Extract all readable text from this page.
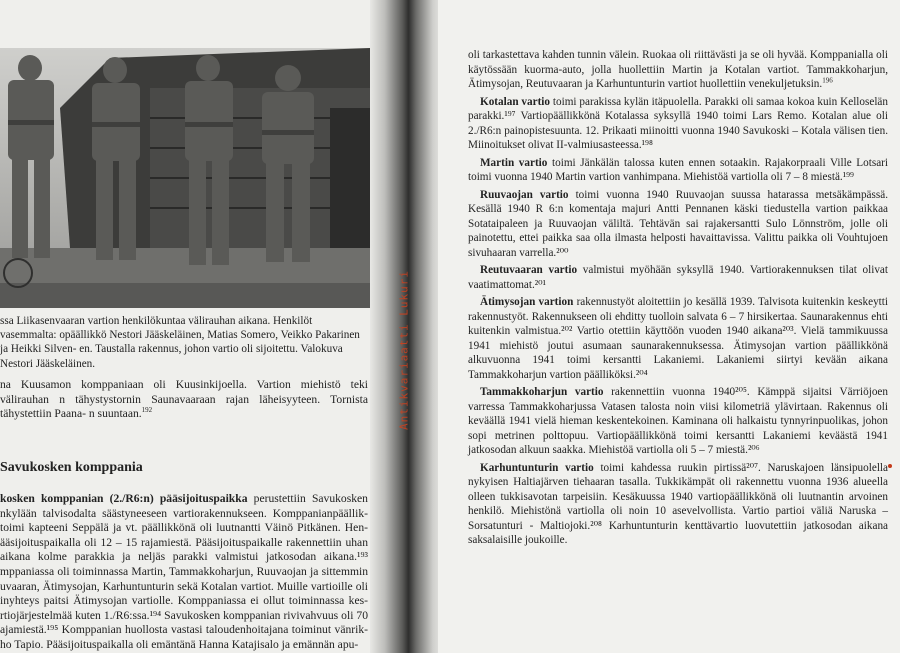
ssa Liikasenvaaran vartion henkilökuntaa välirauhan aikana. Henkilöt vasemmalta: opäällikkö Nestori Jääskeläinen, Matias Somero, Veikko Pakarinen ja Heikki Silven- en. Taustalla rakennus, johon vartio oli sijoitettu. Valokuva Nestori Jääskeläinen.

na Kuusamon komppaniaan oli Kuusinkijoella. Vartion miehistö teki välirauhan n tähystystornin Saunavaaraan rajan läheisyyteen. Tornista tähystettiin Paana- n suuntaan.$^{192}$

Savukosken komppania

kosken komppanian (2./R6:n) pääsijoituspaikka perustettiin Savukosken nkylään talvisodalta säästyneeseen vartiorakennukseen. Komppanianpäällik- toimi kapteeni Seppälä ja vt. päällikkönä oli luutnantti Väinö Pitkänen. Hen- ääsijoituspaikalla oli 12 – 15 rajamiestä. Pääsijoituspaikalle rakennettiin uhan aikana kolme parakkia ja neljäs parakki valmistui jatkosodan aikana.¹⁹³ mppaniassa oli toiminnassa Martin, Tammakkoharjun, Ruuvaojan ja sittemmin uvaaran, Ätimysojan, Karhuntunturin sekä Kotalan vartiot. Muille vartioille oli inyhteys paitsi Ätimysojan vartiolle. Komppaniassa ei ollut toiminnassa kes- rtiojärjestelmää kuten 1./R6:ssa.¹⁹⁴ Savukosken komppanian rivivahvuus oli 70 ajamiestä.¹⁹⁵ Komppanian huollosta vastasi taloudenhoitajana toiminut vänrik- ho Tapio. Pääsijoituspaikalla oli emäntänä Hanna Katajisalo ja emännän apu-

Antikvariaatti Lukuri

oli tarkastettava kahden tunnin välein. Ruokaa oli riittävästi ja se oli hyvää. Komppanialla oli käytössään kuorma-auto, jolla huollettiin Martin ja Kotalan vartiot. Tammakkoharjun, Ätimysojan, Reutuvaaran ja Karhuntunturin vartiot huollettiin venekuljetuksin.$^{196}$

Kotalan vartio toimi parakissa kylän itäpuolella. Parakki oli samaa kokoa kuin Kelloselän parakki.¹⁹⁷ Vartiopäällikkönä Kotalassa syksyllä 1940 toimi Lars Remo. Kotalan alue oli 2./R6:n painopistesuunta. 12. Prikaati miinoitti vuonna 1940 Savukoski – Kotala välisen tien. Miinoitukset olivat II-valmiusasteessa.¹⁹⁸

Martin vartio toimi Jänkälän talossa kuten ennen sotaakin. Rajakorpraali Ville Lotsari toimi vuonna 1940 Martin vartion vanhimpana. Miehistöä vartiolla oli 7 – 8 miestä.¹⁹⁹

Ruuvaojan vartio toimi vuonna 1940 Ruuvaojan suussa hatarassa metsäkämpässä. Kesällä 1940 R 6:n komentaja majuri Antti Pennanen käski tiedustella vartion paikkaa Sotataipaleen ja Ruuvaojan väliltä. Tehtävän sai rajakersantti Sulo Lönnström, jolle oli painotettu, ettei paikka saa olla ilmasta helposti havaittavissa. Valittu paikka oli Vouhtujoen sivuhaaran varrella.²⁰⁰

Reutuvaaran vartio valmistui myöhään syksyllä 1940. Vartiorakennuksen tilat olivat vaatimattomat.²⁰¹

Ätimysojan vartion rakennustyöt aloitettiin jo kesällä 1939. Talvisota kuitenkin keskeytti rakennustyöt. Rakennukseen oli ehditty tuolloin salvata 6 – 7 hirsikertaa. Saunarakennus ehti kuitenkin valmistua.²⁰² Vartio otettiin käyttöön vuoden 1940 aikana²⁰³. Vielä tammikuussa 1941 miehistö joutui asumaan saunarakennuksessa. Ätimysojan vartion päällikkönä alkuvuonna 1941 toimi kersantti Lakaniemi. Lakaniemi siirtyi kevään aikana Tammakkoharjun vartion päälliköksi.²⁰⁴

Tammakkoharjun vartio rakennettiin vuonna 1940²⁰⁵. Kämppä sijaitsi Värriöjoen varressa Tammakkoharjussa Vatasen talosta noin viisi kilometriä ylävirtaan. Rakennus oli keväällä 1941 vielä hieman keskentekoinen. Kaminana oli halkaistu tynnyrinpuolikas, johon sopi metrinen polttopuu. Vartiopäällikkönä toimi kersantti Lakaniemi keväästä 1941 jatkosodan alkuun saakka. Miehistöä vartiolla oli 5 – 7 miestä.²⁰⁶

Karhuntunturin vartio toimi kahdessa ruukin pirtissä²⁰⁷. Naruskajoen länsipuolella nykyisen Haltiajärven tiehaaran tasalla. Tukkikämpät oli rakennettu vuonna 1936 alueella olleen tukkisavotan tarpeisiin. Kesäkuussa 1940 vartiopäällikkönä oli luutnantin arvoinen henkilö. Miehistönä vartiolla oli noin 10 asevelvollista. Vartio partioi väliä Naruska – Sorsatunturi - Maltiojoki.²⁰⁸ Karhuntunturin kenttävartio luovutettiin jatkosodan aikana saksalaisille joukoille.
